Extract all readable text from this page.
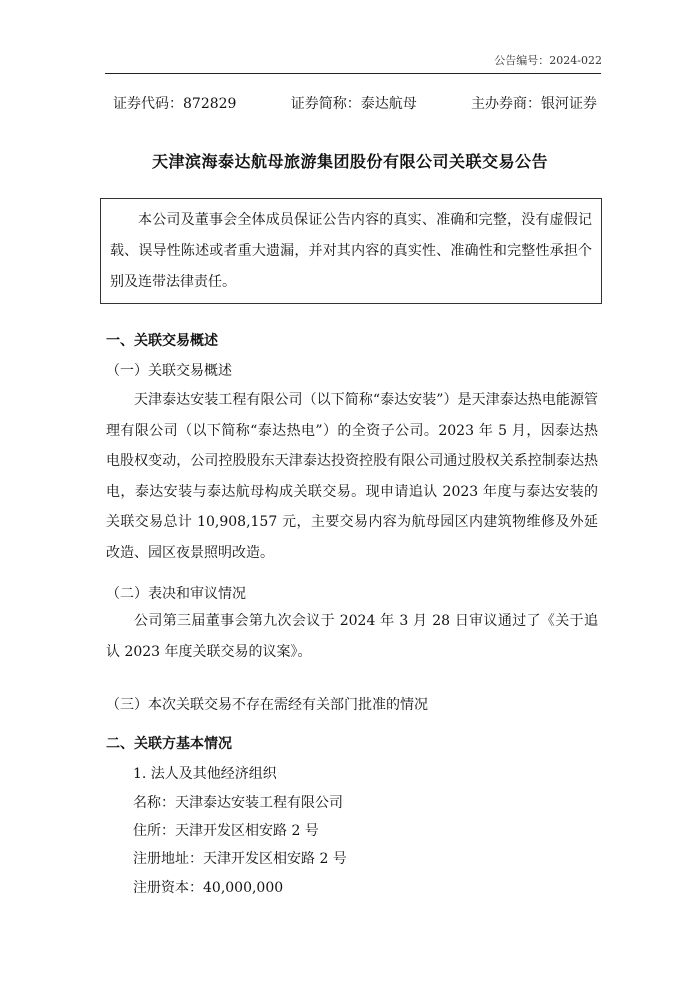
公告编号：2024-022
证券代码：872829	证券简称：泰达航母	主办券商：银河证券
天津滨海泰达航母旅游集团股份有限公司关联交易公告
本公司及董事会全体成员保证公告内容的真实、准确和完整，没有虚假记载、误导性陈述或者重大遗漏，并对其内容的真实性、准确性和完整性承担个别及连带法律责任。
一、关联交易概述
（一）关联交易概述
天津泰达安装工程有限公司（以下简称“泰达安装”）是天津泰达热电能源管理有限公司（以下简称“泰达热电”）的全资子公司。2023 年 5 月，因泰达热电股权变动，公司控股股东天津泰达投资控股有限公司通过股权关系控制泰达热电，泰达安装与泰达航母构成关联交易。现申请追认 2023 年度与泰达安装的关联交易总计 10,908,157 元，主要交易内容为航母园区内建筑物维修及外延改造、园区夜景照明改造。
（二）表决和审议情况
公司第三届董事会第九次会议于 2024 年 3 月 28 日审议通过了《关于追认 2023 年度关联交易的议案》。
（三）本次关联交易不存在需经有关部门批准的情况
二、关联方基本情况
1. 法人及其他经济组织
名称：天津泰达安装工程有限公司
住所：天津开发区相安路 2 号
注册地址：天津开发区相安路 2 号
注册资本：40,000,000
